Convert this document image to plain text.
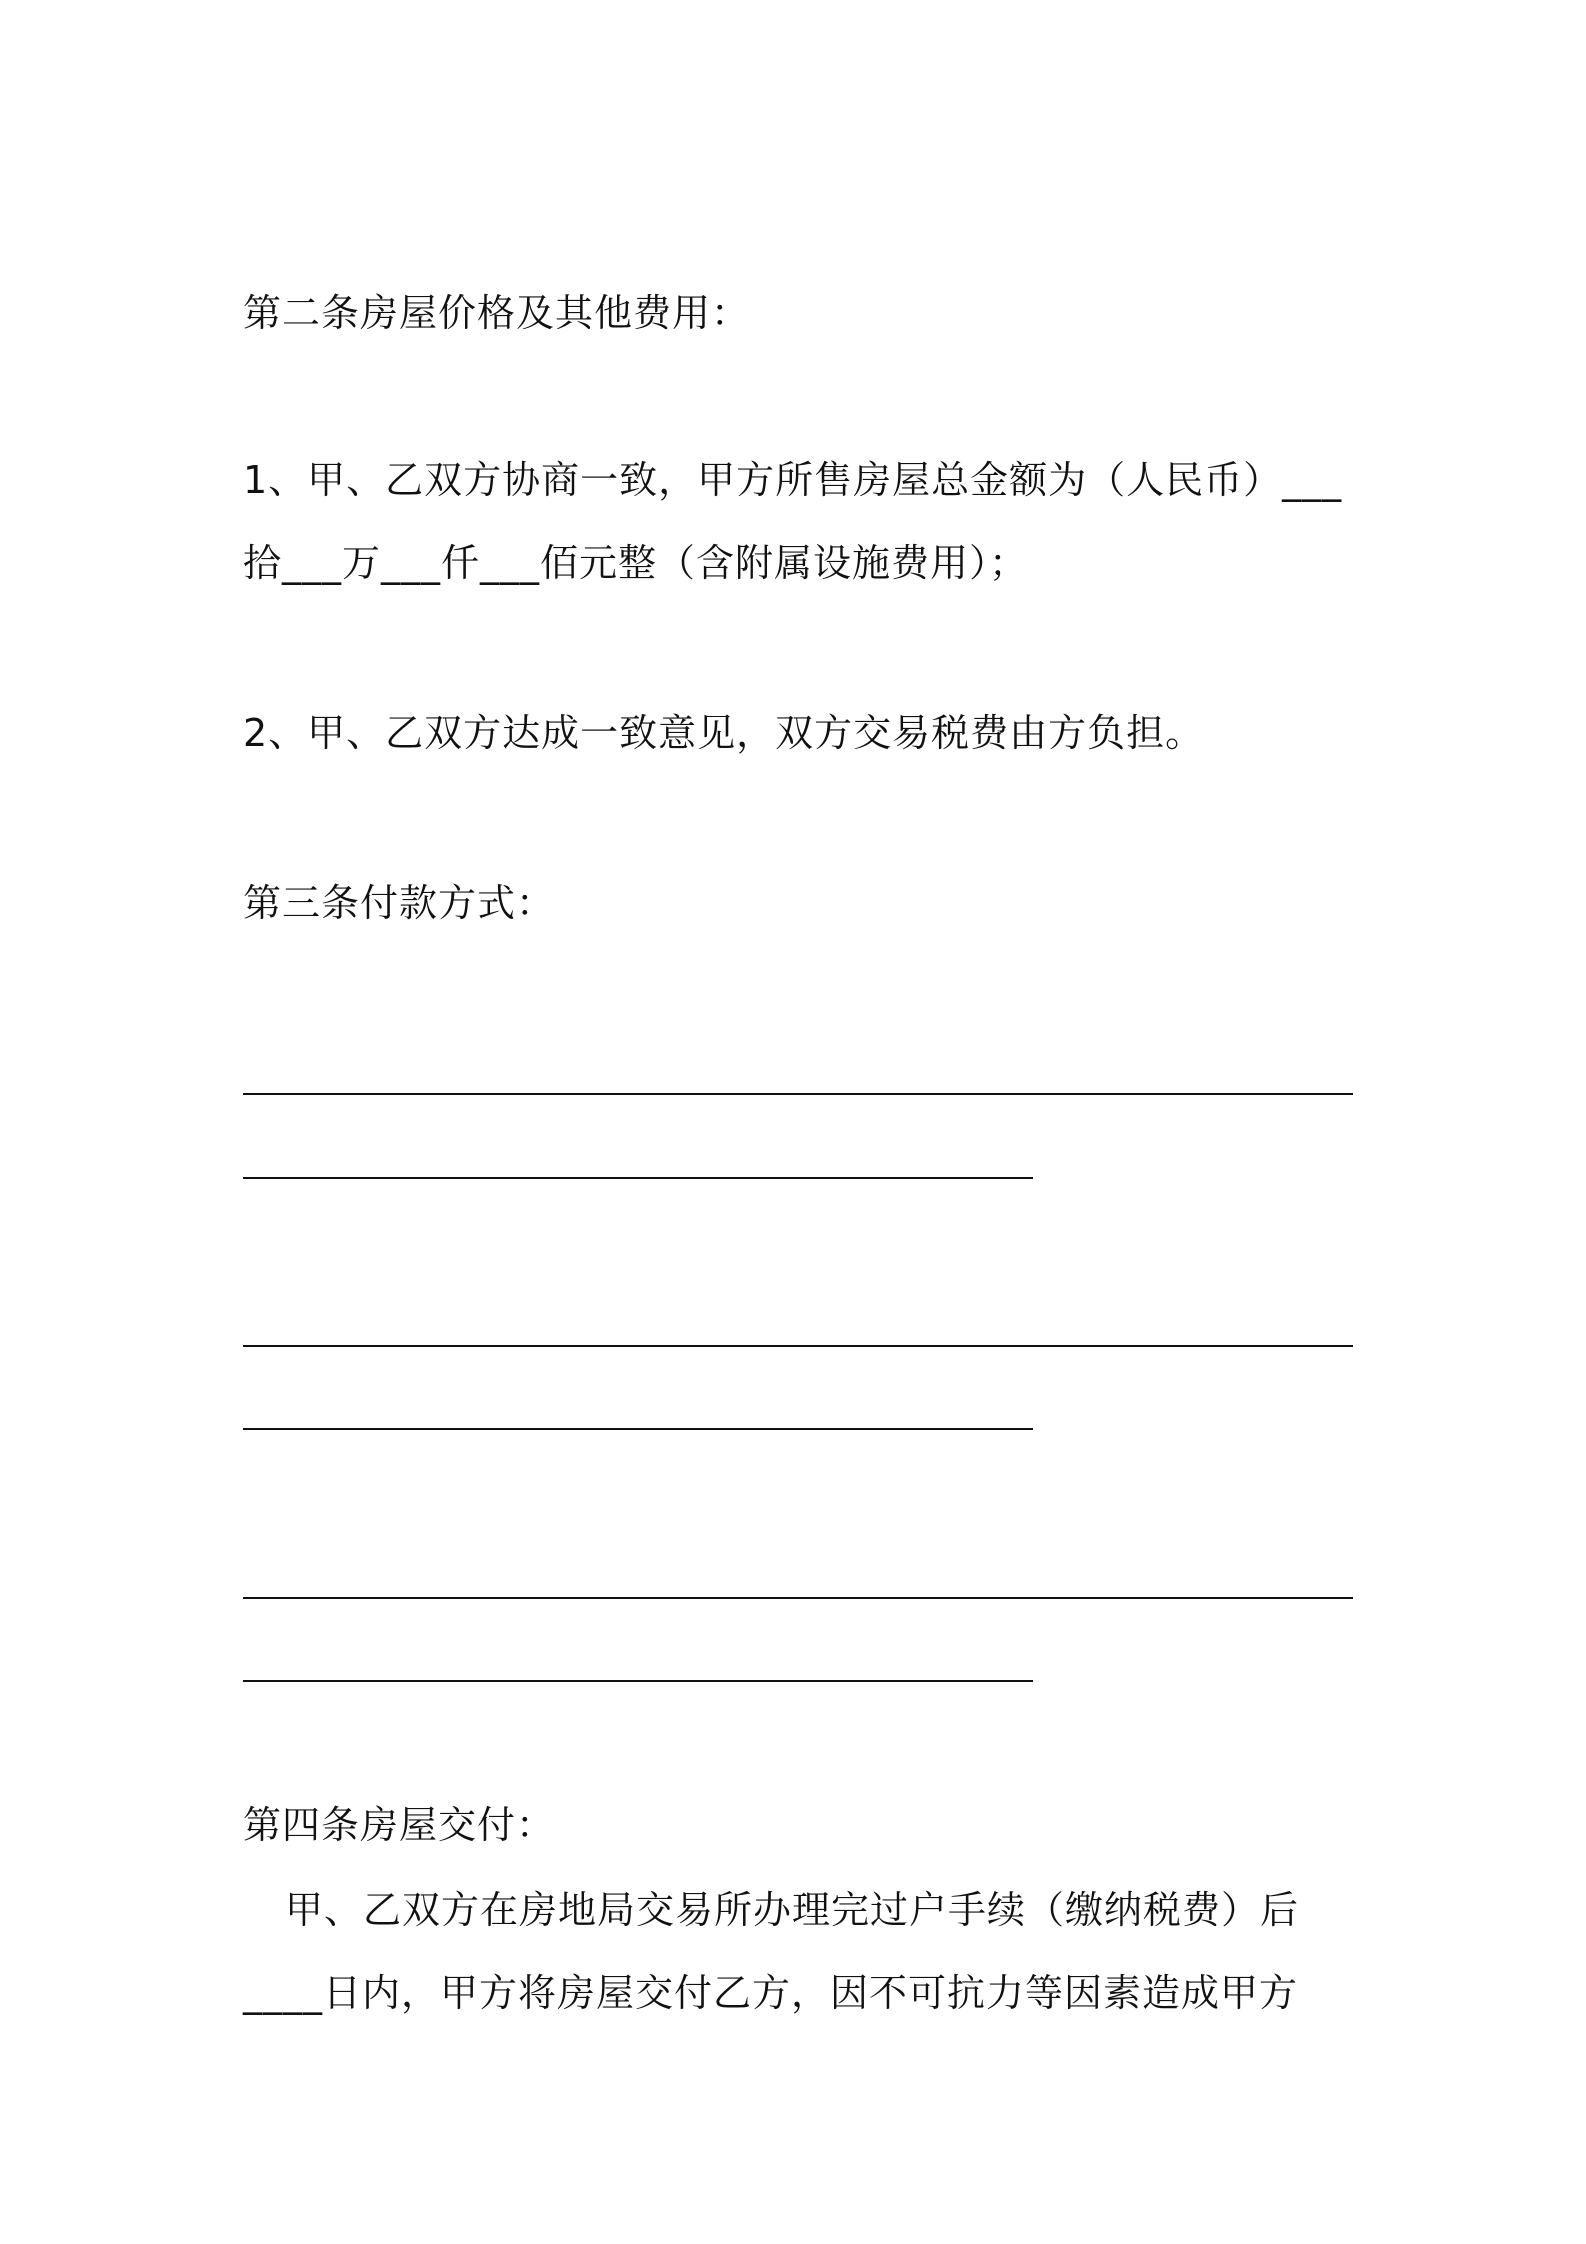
第二条房屋价格及其他费用：
1、甲、乙双方协商一致，甲方所售房屋总金额为（人民币）___
拾___万___仟___佰元整（含附属设施费用）；
2、甲、乙双方达成一致意见，双方交易税费由方负担。
第三条付款方式：
第四条房屋交付：
甲、乙双方在房地局交易所办理完过户手续（缴纳税费）后
____日内，甲方将房屋交付乙方，因不可抗力等因素造成甲方
